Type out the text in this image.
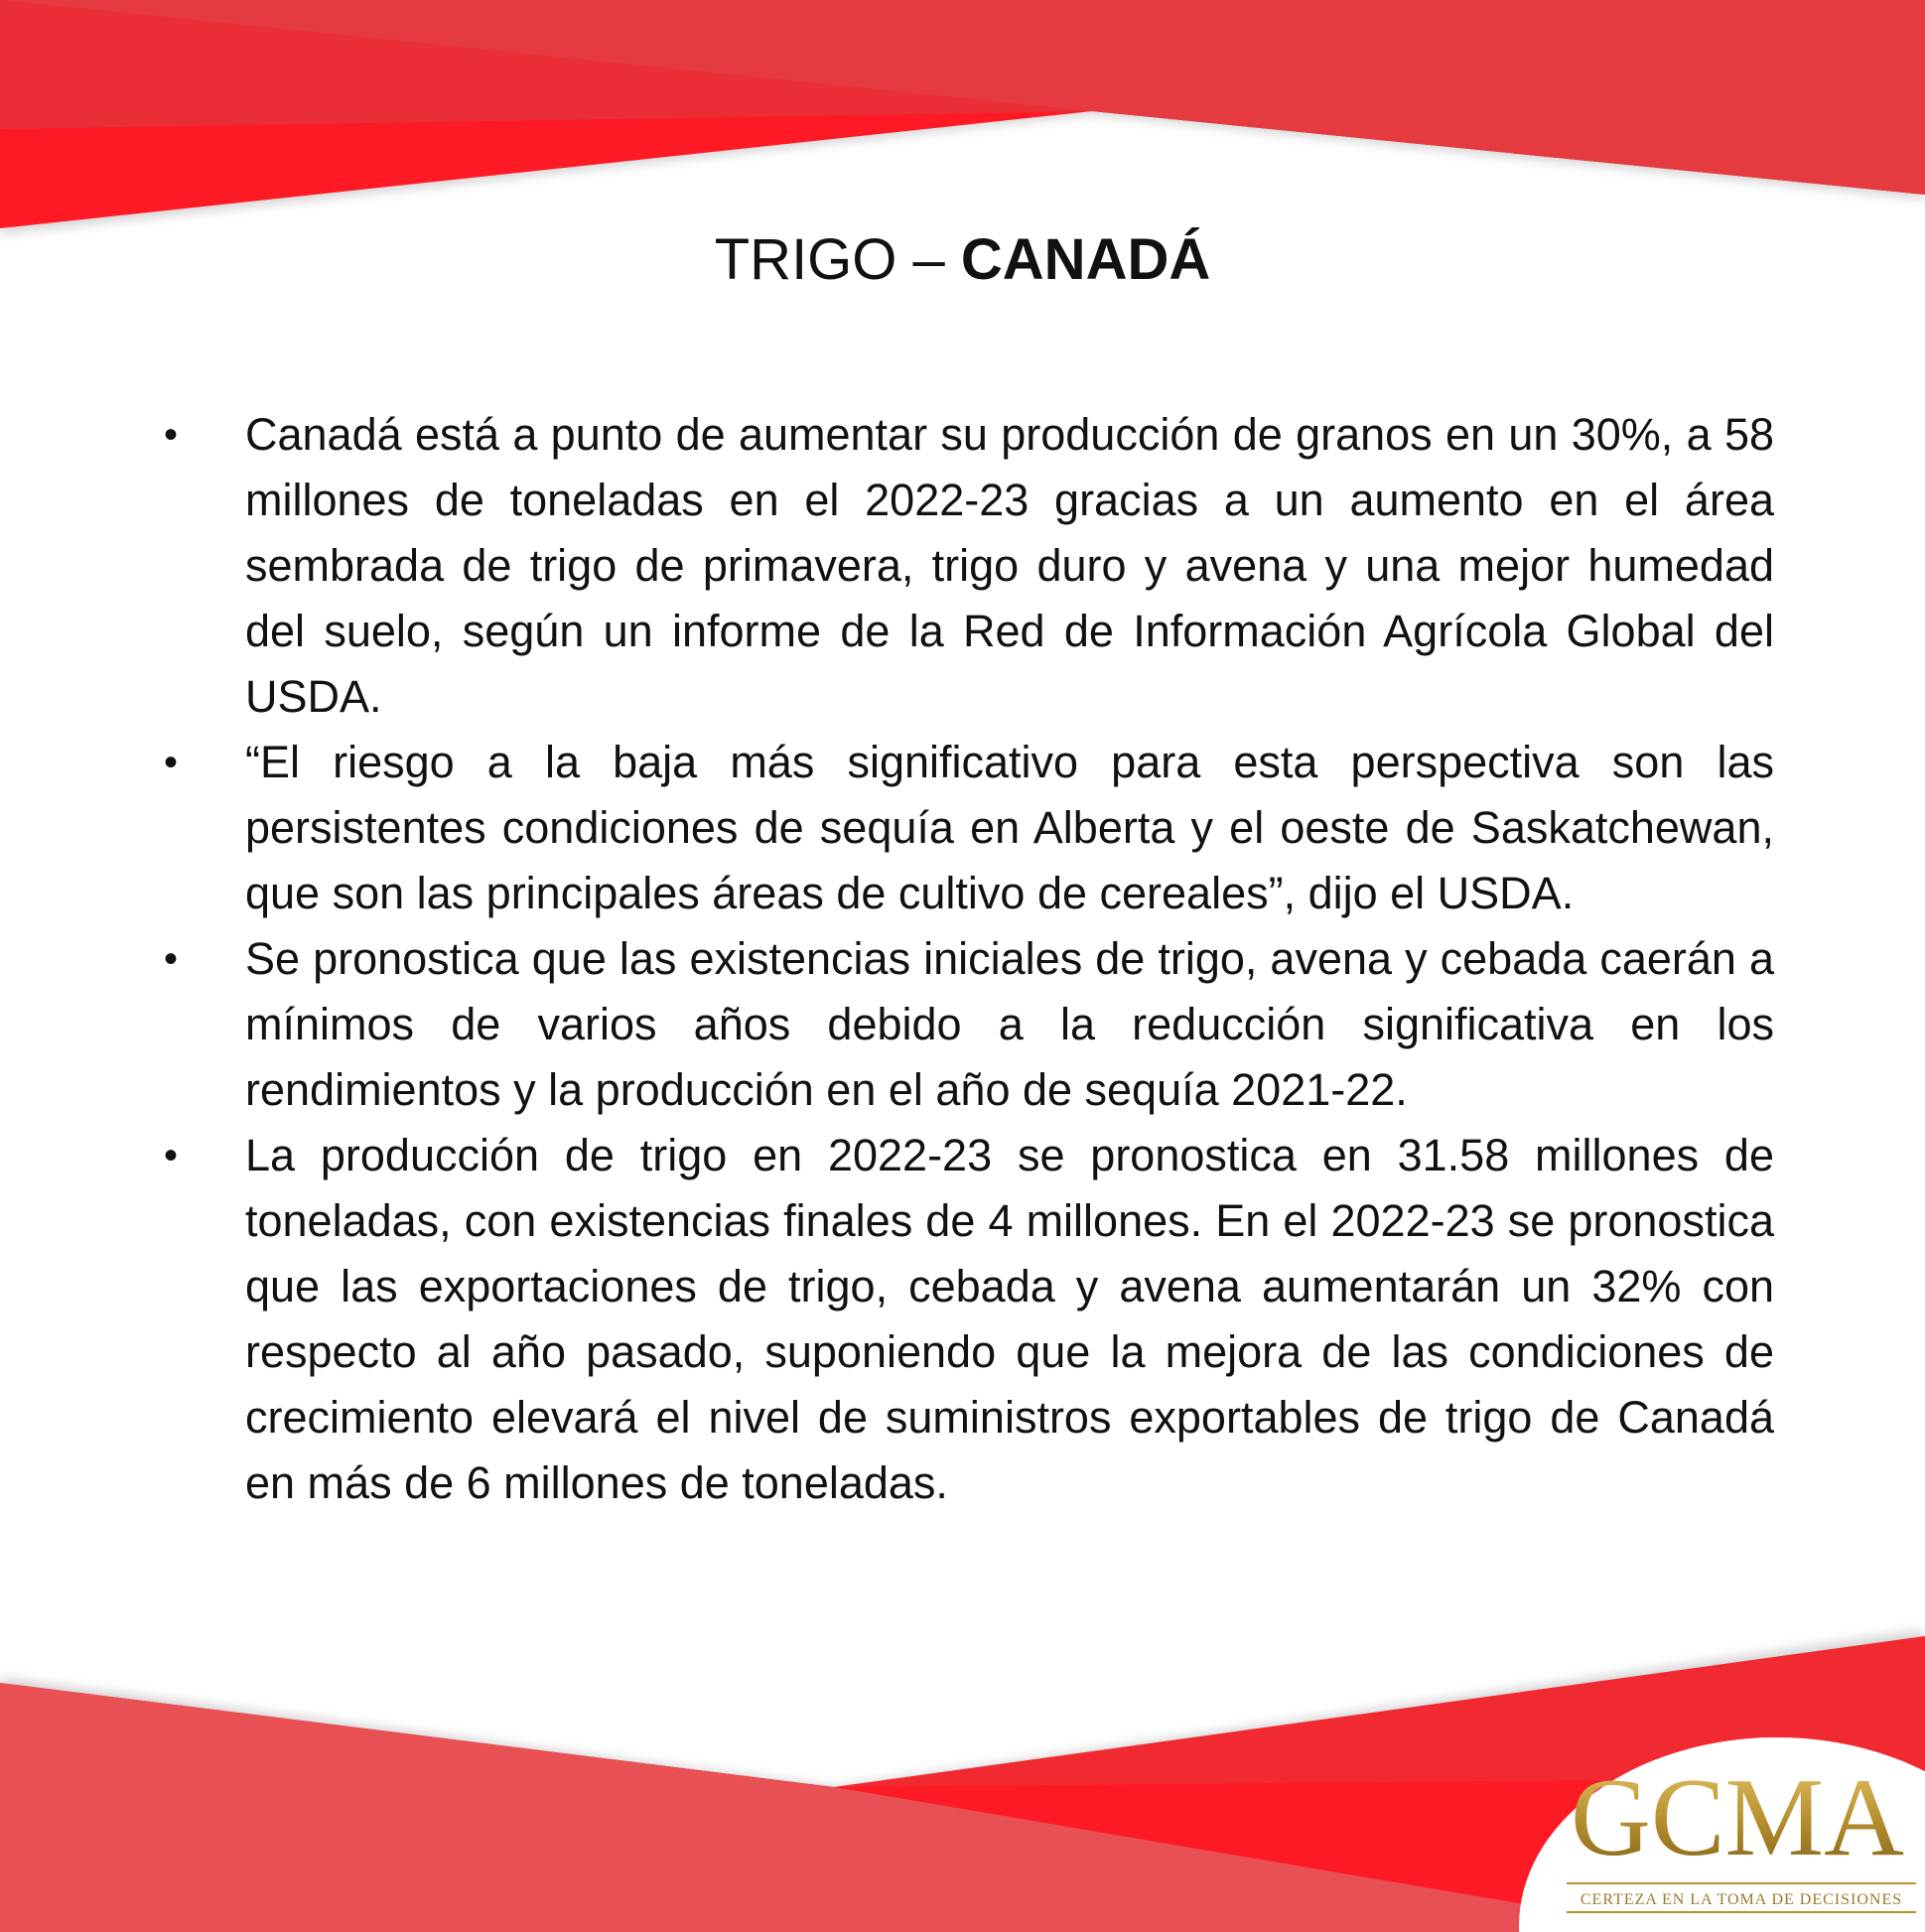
TRIGO – CANADÁ
•	Canadá está a punto de aumentar su producción de granos en un 30%, a 58 millones de toneladas en el 2022-23 gracias a un aumento en el área sembrada de trigo de primavera, trigo duro y avena y una mejor humedad del suelo, según un informe de la Red de Información Agrícola Global del USDA.
•	“El riesgo a la baja más significativo para esta perspectiva son las persistentes condiciones de sequía en Alberta y el oeste de Saskatchewan, que son las principales áreas de cultivo de cereales”, dijo el USDA.
•	Se pronostica que las existencias iniciales de trigo, avena y cebada caerán a mínimos de varios años debido a la reducción significativa en los rendimientos y la producción en el año de sequía 2021-22.
•	La producción de trigo en 2022-23 se pronostica en 31.58 millones de toneladas, con existencias finales de 4 millones. En el 2022-23 se pronostica que las exportaciones de trigo, cebada y avena aumentarán un 32% con respecto al año pasado, suponiendo que la mejora de las condiciones de crecimiento elevará el nivel de suministros exportables de trigo de Canadá en más de 6 millones de toneladas.
GCMA
CERTEZA EN LA TOMA DE DECISIONES
